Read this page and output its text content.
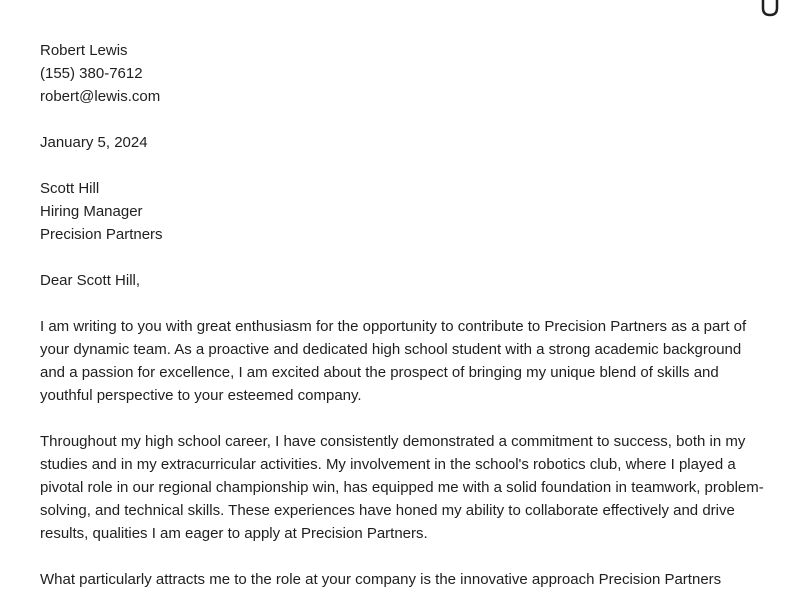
Robert Lewis
(155) 380-7612
robert@lewis.com
January 5, 2024
Scott Hill
Hiring Manager
Precision Partners
Dear Scott Hill,

I am writing to you with great enthusiasm for the opportunity to contribute to Precision Partners as a part of your dynamic team. As a proactive and dedicated high school student with a strong academic background and a passion for excellence, I am excited about the prospect of bringing my unique blend of skills and youthful perspective to your esteemed company.

Throughout my high school career, I have consistently demonstrated a commitment to success, both in my studies and in my extracurricular activities. My involvement in the school's robotics club, where I played a pivotal role in our regional championship win, has equipped me with a solid foundation in teamwork, problem-solving, and technical skills. These experiences have honed my ability to collaborate effectively and drive results, qualities I am eager to apply at Precision Partners.

What particularly attracts me to the role at your company is the innovative approach Precision Partners
